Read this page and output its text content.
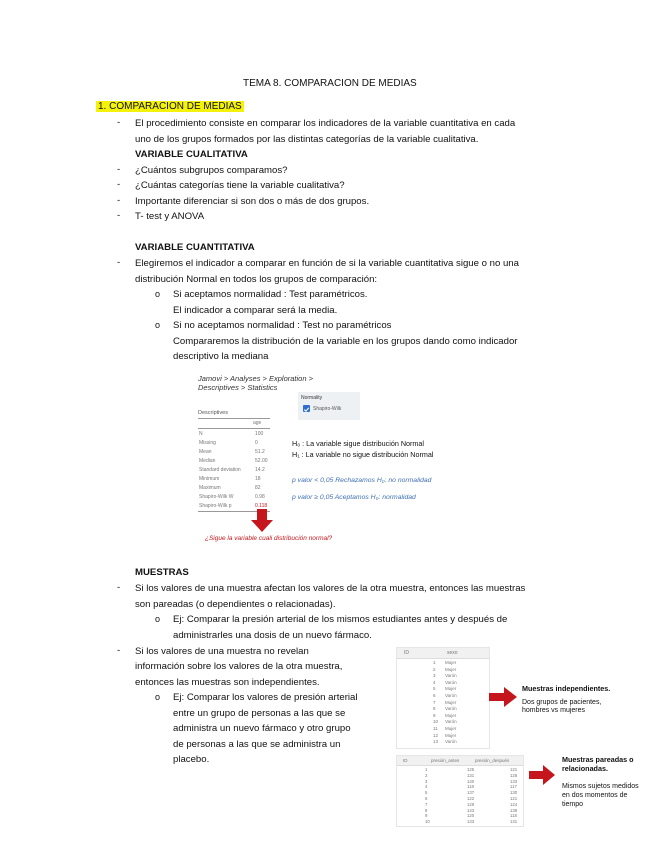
TEMA 8. COMPARACION DE MEDIAS
1. COMPARACION DE MEDIAS
-	El procedimiento consiste en comparar los indicadores de la variable cuantitativa en cada
uno de los grupos formados por las distintas categorías de la variable cualitativa.
VARIABLE CUALITATIVA
-	¿Cuántos subgrupos comparamos?
-	¿Cuántas categorías tiene la variable cualitativa?
-	Importante diferenciar si son dos o más de dos grupos.
-	T- test y ANOVA
VARIABLE CUANTITATIVA
-	Elegiremos el indicador a comparar en función de si la variable cuantitativa sigue o no una
distribución Normal en todos los grupos de comparación:
o Si aceptamos normalidad : Test paramétricos.
El indicador a comparar será la media.
o Si no aceptamos normalidad : Test no paramétricos
Compararemos la distribución de la variable en los grupos dando como indicador
descriptivo la mediana
Jamovi > Analyses > Exploration >
Descriptives > Statistics
Descriptives
age
N	100
Missing	0
Mean	51.2
Median	52.00
Standard deviation	14.2
Minimum	18
Maximum	82
Shapiro-Wilk W	0.98
Shapiro-Wilk p	0.118
Normality
Shapiro-Wilk
H₀ : La variable sigue distribución Normal
H₁ : La variable no sigue distribución Normal
p valor < 0,05 Rechazamos H₀: no normalidad
p valor ≥ 0,05 Aceptamos H₀: normalidad
¿Sigue la variable cuali distribución normal?
MUESTRAS
-	Si los valores de una muestra afectan los valores de la otra muestra, entonces las muestras
son pareadas (o dependientes o relacionadas).
o Ej: Comparar la presión arterial de los mismos estudiantes antes y después de
administrarles una dosis de un nuevo fármaco.
-	Si los valores de una muestra no revelan
información sobre los valores de la otra muestra,
entonces las muestras son independientes.
o Ej: Comparar los valores de presión arterial
entre un grupo de personas a las que se
administra un nuevo fármaco y otro grupo
de personas a las que se administra un
placebo.
ID	sexo
1 Mujer
2 Mujer
3 Varón
4 Varón
5 Mujer
6 Varón
7 Mujer
8 Varón
9 Mujer
10 Varón
11 Mujer
12 Mujer
13 Varón
Muestras independientes.
Dos grupos de pacientes,
hombres vs mujeres
ID	presión_antes	presión_después
1	125	121
2	131	128
3	140	133
4	118	117
5	137	130
6	122	121
7	129	124
8	143	138
9	120	118
10	133	131
Muestras pareadas o
relacionadas.
Mismos sujetos medidos
en dos momentos de
tiempo
